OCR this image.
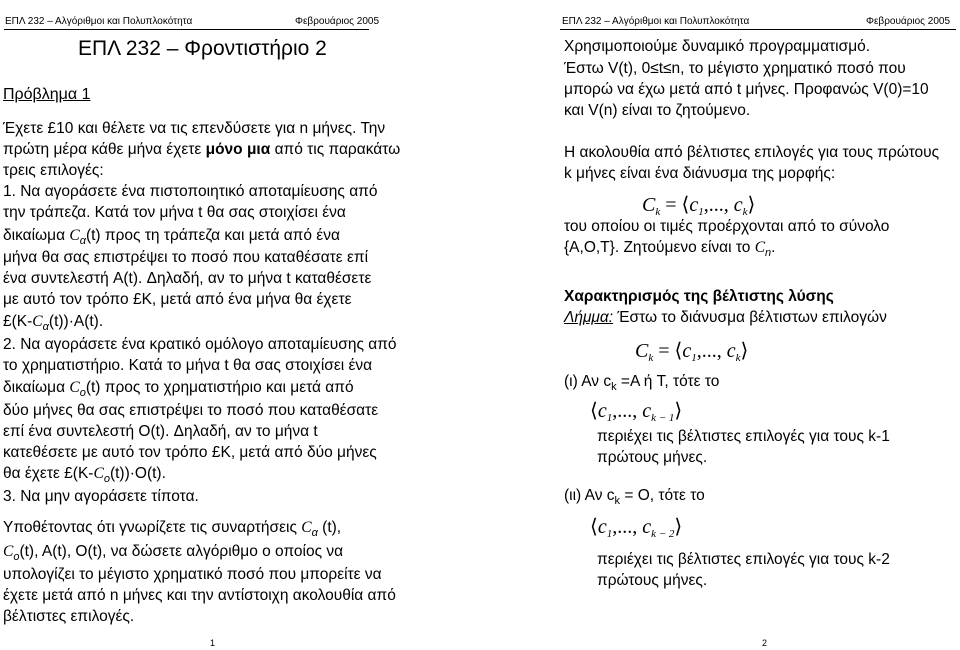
ΕΠΛ 232 – Αλγόριθμοι και Πολυπλοκότητα	Φεβρουάριος 2005
ΕΠΛ 232 – Φροντιστήριο 2
Πρόβλημα 1
Έχετε £10 και θέλετε να τις επενδύσετε για n μήνες. Την
πρώτη μέρα κάθε μήνα έχετε μόνο μια από τις παρακάτω
τρεις επιλογές:
1. Να αγοράσετε ένα πιστοποιητικό αποταμίευσης από
την τράπεζα. Κατά τον μήνα t θα σας στοιχίσει ένα
δικαίωμα $C_\alpha(t)$ προς τη τράπεζα και μετά από ένα
μήνα θα σας επιστρέψει το ποσό που καταθέσατε επί
ένα συντελεστή A(t). Δηλαδή, αν το μήνα t καταθέσετε
με αυτό τον τρόπο £K, μετά από ένα μήνα θα έχετε
$£(K-C_\alpha(t))\cdot A(t)$.
2. Να αγοράσετε ένα κρατικό ομόλογο αποταμίευσης από
το χρηματιστήριο. Κατά το μήνα t θα σας στοιχίσει ένα
δικαίωμα $C_o(t)$ προς το χρηματιστήριο και μετά από
δύο μήνες θα σας επιστρέψει το ποσό που καταθέσατε
επί ένα συντελεστή O(t). Δηλαδή, αν το μήνα t
κατεθέσετε με αυτό τον τρόπο £K, μετά από δύο μήνες
θα έχετε $£(K-C_o(t))\cdot O(t)$.
3. Να μην αγοράσετε τίποτα.
Υποθέτοντας ότι γνωρίζετε τις συναρτήσεις $C_\alpha$ (t),
$C_o(t)$, A(t), O(t), να δώσετε αλγόριθμο ο οποίος να
υπολογίζει το μέγιστο χρηματικό ποσό που μπορείτε να
έχετε μετά από n μήνες και την αντίστοιχη ακολουθία από
βέλτιστες επιλογές.
1
ΕΠΛ 232 – Αλγόριθμοι και Πολυπλοκότητα	Φεβρουάριος 2005
Χρησιμοποιούμε δυναμικό προγραμματισμό.
Έστω V(t), 0≤t≤n, το μέγιστο χρηματικό ποσό που
μπορώ να έχω μετά από t μήνες. Προφανώς V(0)=10
και V(n) είναι το ζητούμενο.
Η ακολουθία από βέλτιστες επιλογές για τους πρώτους
k μήνες είναι ένα διάνυσμα της μορφής:
$C_k$ = $⟨c_1$,..., $c_k⟩$
του οποίου οι τιμές προέρχονται από το σύνολο
{A,O,T}. Ζητούμενο είναι το $C_n$.
Χαρακτηρισμός της βέλτιστης λύσης
Λήμμα: Έστω το διάνυσμα βέλτιστων επιλογών
$C_k$ = $⟨c_1$,..., $c_k⟩$
(ι) Αν $c_k =A$ ή T, τότε το
$⟨c_1$,..., $c_{k - 1}⟩$
περιέχει τις βέλτιστες επιλογές για τους k-1
πρώτους μήνες.
(ιι) Αν $c_k = O$, τότε το
$⟨c_1$,..., $c_{k - 2}⟩$
περιέχει τις βέλτιστες επιλογές για τους k-2
πρώτους μήνες.
2
